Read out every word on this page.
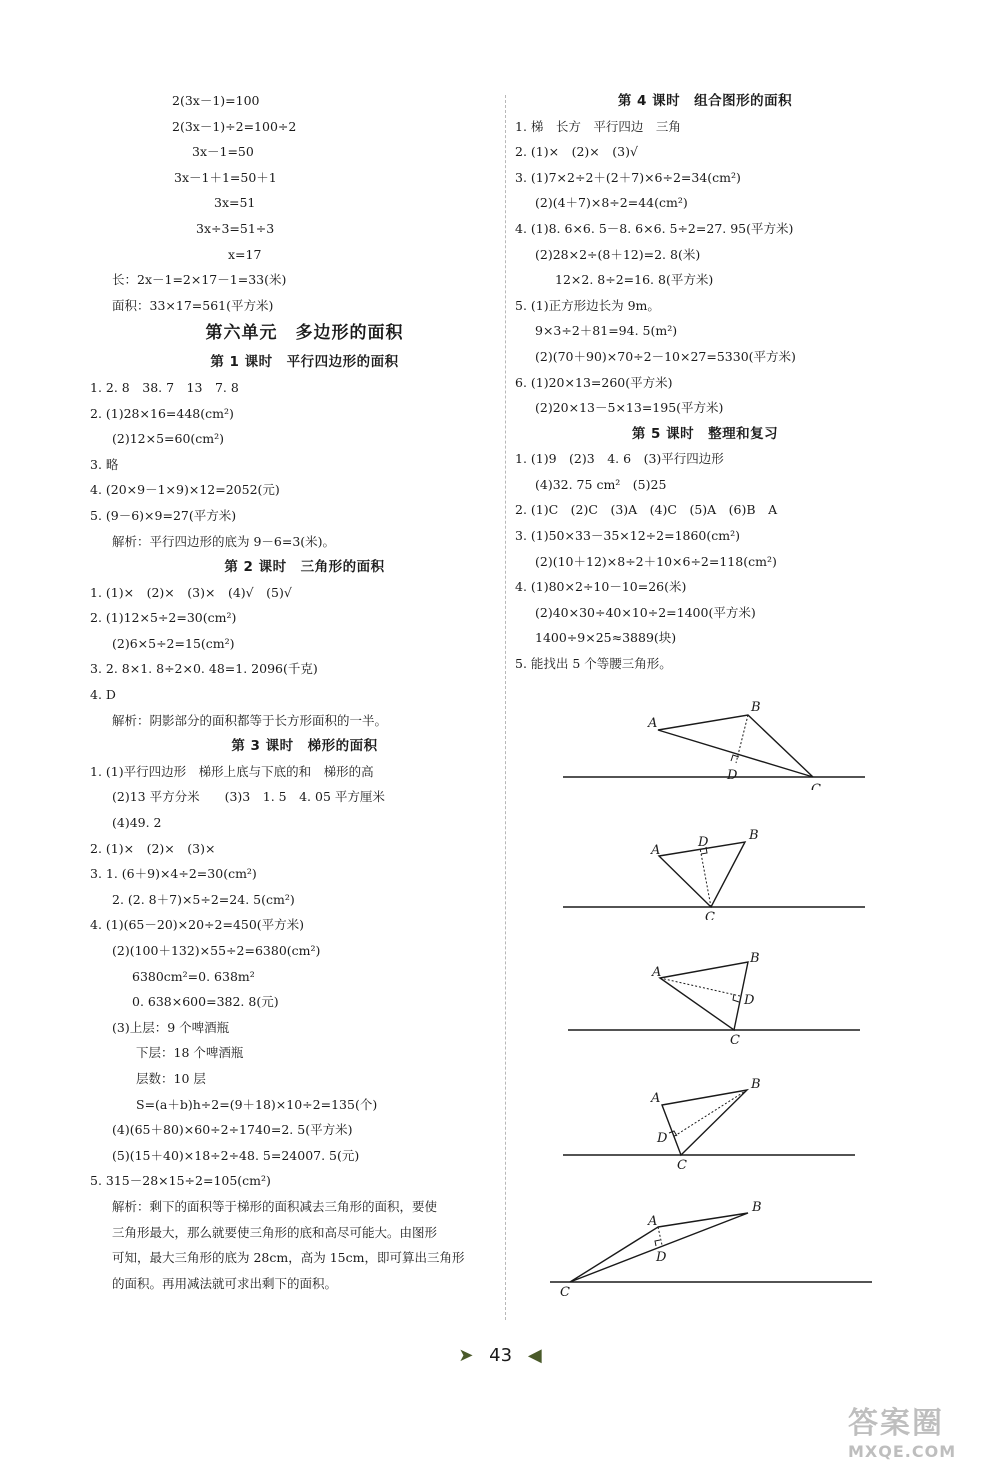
2(3x－1)=100
2(3x－1)÷2=100÷2
3x－1=50
3x－1＋1=50＋1
3x=51
3x÷3=51÷3
x=17
长：2x－1=2×17－1=33(米)
面积：33×17=561(平方米)
第六单元　多边形的面积
第 1 课时　平行四边形的面积
1. 2. 8　38. 7　13　7. 8
2. (1)28×16=448(cm²)
(2)12×5=60(cm²)
3. 略
4. (20×9－1×9)×12=2052(元)
5. (9－6)×9=27(平方米)
解析：平行四边形的底为 9－6=3(米)。
第 2 课时　三角形的面积
1. (1)×　(2)×　(3)×　(4)√　(5)√
2. (1)12×5÷2=30(cm²)
(2)6×5÷2=15(cm²)
3. 2. 8×1. 8÷2×0. 48=1. 2096(千克)
4. D
解析：阴影部分的面积都等于长方形面积的一半。
第 3 课时　梯形的面积
1. (1)平行四边形　梯形上底与下底的和　梯形的高
(2)13 平方分米　　(3)3　1. 5　4. 05 平方厘米
(4)49. 2
2. (1)×　(2)×　(3)×
3. 1. (6＋9)×4÷2=30(cm²)
2. (2. 8＋7)×5÷2=24. 5(cm²)
4. (1)(65－20)×20÷2=450(平方米)
(2)(100＋132)×55÷2=6380(cm²)
6380cm²=0. 638m²
0. 638×600=382. 8(元)
(3)上层：9 个啤酒瓶
下层：18 个啤酒瓶
层数：10 层
S=(a＋b)h÷2=(9＋18)×10÷2=135(个)
(4)(65＋80)×60÷2÷1740=2. 5(平方米)
(5)(15＋40)×18÷2÷48. 5=24007. 5(元)
5. 315－28×15÷2=105(cm²)
解析：剩下的面积等于梯形的面积减去三角形的面积，要使
三角形最大，那么就要使三角形的底和高尽可能大。由图形
可知，最大三角形的底为 28cm，高为 15cm，即可算出三角形
的面积。再用减法就可求出剩下的面积。
第 4 课时　组合图形的面积
1. 梯　长方　平行四边　三角
2. (1)×　(2)×　(3)√
3. (1)7×2÷2＋(2＋7)×6÷2=34(cm²)
(2)(4＋7)×8÷2=44(cm²)
4. (1)8. 6×6. 5－8. 6×6. 5÷2=27. 95(平方米)
(2)28×2÷(8＋12)=2. 8(米)
12×2. 8÷2=16. 8(平方米)
5. (1)正方形边长为 9m。
9×3÷2＋81=94. 5(m²)
(2)(70＋90)×70÷2－10×27=5330(平方米)
6. (1)20×13=260(平方米)
(2)20×13－5×13=195(平方米)
第 5 课时　整理和复习
1. (1)9　(2)3　4. 6　(3)平行四边形
(4)32. 75 cm²　(5)25
2. (1)C　(2)C　(3)A　(4)C　(5)A　(6)B　A
3. (1)50×33－35×12÷2=1860(cm²)
(2)(10＋12)×8÷2＋10×6÷2=118(cm²)
4. (1)80×2÷10－10=26(米)
(2)40×30÷40×10÷2=1400(平方米)
1400÷9×25≈3889(块)
5. 能找出 5 个等腰三角形。
A
B
C
D
A
B
C
D
A
B
C
D
A
B
C
D
A
B
C
D
➤ 43 ◀
答案圈
MXQE.COM
